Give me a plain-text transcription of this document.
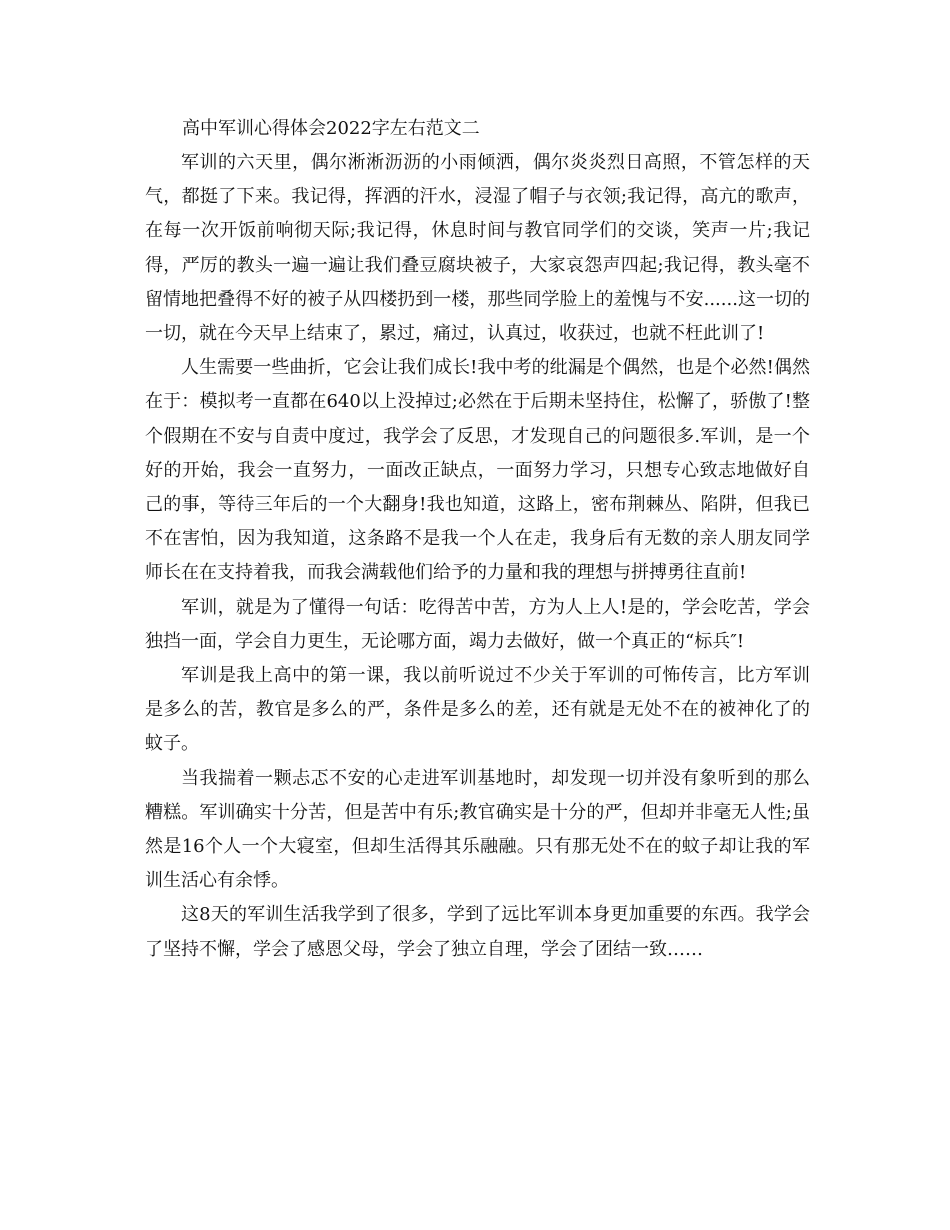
高中军训心得体会2022字左右范文二

军训的六天里，偶尔淅淅沥沥的小雨倾洒，偶尔炎炎烈日高照，不管怎样的天气，都挺了下来。我记得，挥洒的汗水，浸湿了帽子与衣领;我记得，高亢的歌声，在每一次开饭前响彻天际;我记得，休息时间与教官同学们的交谈，笑声一片;我记得，严厉的教头一遍一遍让我们叠豆腐块被子，大家哀怨声四起;我记得，教头毫不留情地把叠得不好的被子从四楼扔到一楼，那些同学脸上的羞愧与不安......这一切的一切，就在今天早上结束了，累过，痛过，认真过，收获过，也就不枉此训了!

人生需要一些曲折，它会让我们成长!我中考的纰漏是个偶然，也是个必然!偶然在于：模拟考一直都在640以上没掉过;必然在于后期未坚持住，松懈了，骄傲了!整个假期在不安与自责中度过，我学会了反思，才发现自己的问题很多.军训，是一个好的开始，我会一直努力，一面改正缺点，一面努力学习，只想专心致志地做好自己的事，等待三年后的一个大翻身!我也知道，这路上，密布荆棘丛、陷阱，但我已不在害怕，因为我知道，这条路不是我一个人在走，我身后有无数的亲人朋友同学师长在在支持着我，而我会满载他们给予的力量和我的理想与拼搏勇往直前!

军训，就是为了懂得一句话：吃得苦中苦，方为人上人!是的，学会吃苦，学会独挡一面，学会自力更生，无论哪方面，竭力去做好，做一个真正的“标兵″!

军训是我上高中的第一课，我以前听说过不少关于军训的可怖传言，比方军训是多么的苦，教官是多么的严，条件是多么的差，还有就是无处不在的被神化了的蚊子。

当我揣着一颗忐忑不安的心走进军训基地时，却发现一切并没有象听到的那么糟糕。军训确实十分苦，但是苦中有乐;教官确实是十分的严，但却并非毫无人性;虽然是16个人一个大寝室，但却生活得其乐融融。只有那无处不在的蚊子却让我的军训生活心有余悸。

这8天的军训生活我学到了很多，学到了远比军训本身更加重要的东西。我学会了坚持不懈，学会了感恩父母，学会了独立自理，学会了团结一致……
